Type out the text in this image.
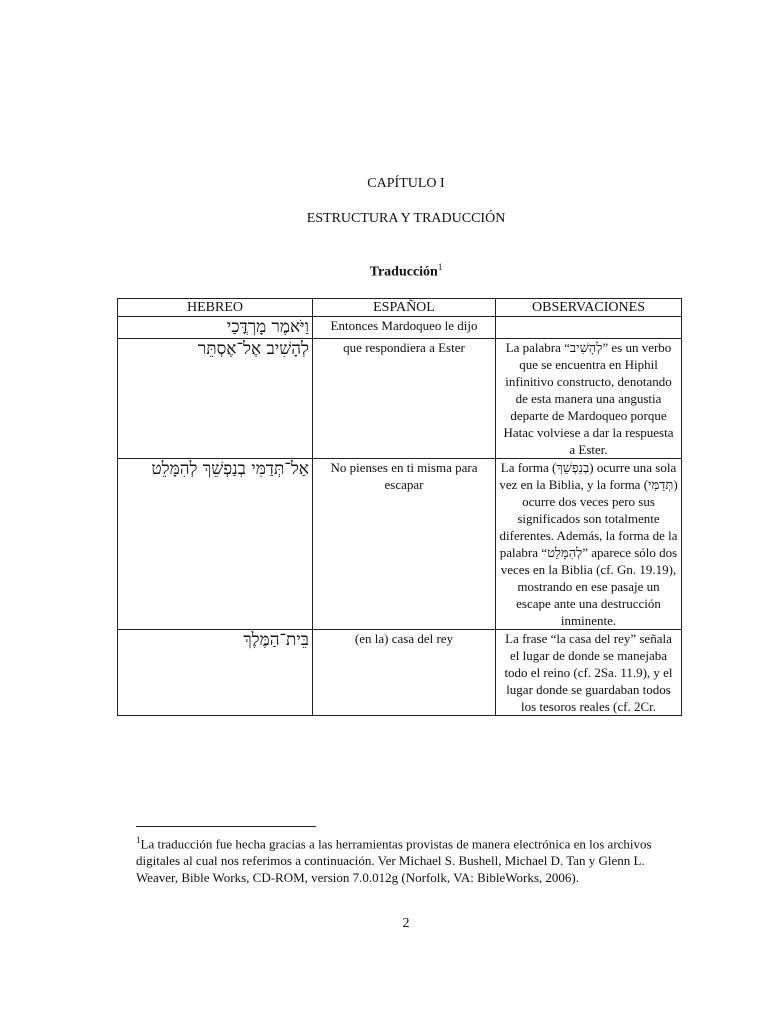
CAPÍTULO I
ESTRUCTURA Y TRADUCCIÓN
Traducción$^1$
HEBREO	ESPAÑOL	OBSERVACIONES
וַיֹּאמֶר מָרְדֳּכַי	Entonces Mardoqueo le dijo	
לְהָשִׁיב אֶל־אֶסְתֵּר	que respondiera a Ester	La palabra “לְהָשִׁיב” es un verbo que se encuentra en Hiphil infinitivo constructo, denotando de esta manera una angustia departe de Mardoqueo porque Hatac volviese a dar la respuesta a Ester.
אַל־תְּדַמִּי בְנַפְשֵׁךְ לְהִמָּלֵט	No pienses en ti misma para escapar	La forma (בְנַפְשֵׁךְ) ocurre una sola vez en la Biblia, y la forma (תְּדַמִּי) ocurre dos veces pero sus significados son totalmente diferentes. Además, la forma de la palabra “לְהִמָּלֵט” aparece sólo dos veces en la Biblia (cf. Gn. 19.19), mostrando en ese pasaje un escape ante una destrucción inminente.
בֵּית־הַמֶּלֶךְ	(en la) casa del rey	La frase “la casa del rey” señala el lugar de donde se manejaba todo el reino (cf. 2Sa. 11.9), y el lugar donde se guardaban todos los tesoros reales (cf. 2Cr.
$^1$La traducción fue hecha gracias a las herramientas provistas de manera electrónica en los archivos digitales al cual nos referimos a continuación. Ver Michael S. Bushell, Michael D. Tan y Glenn L. Weaver, Bible Works, CD-ROM, version 7.0.012g (Norfolk, VA: BibleWorks, 2006).
2
